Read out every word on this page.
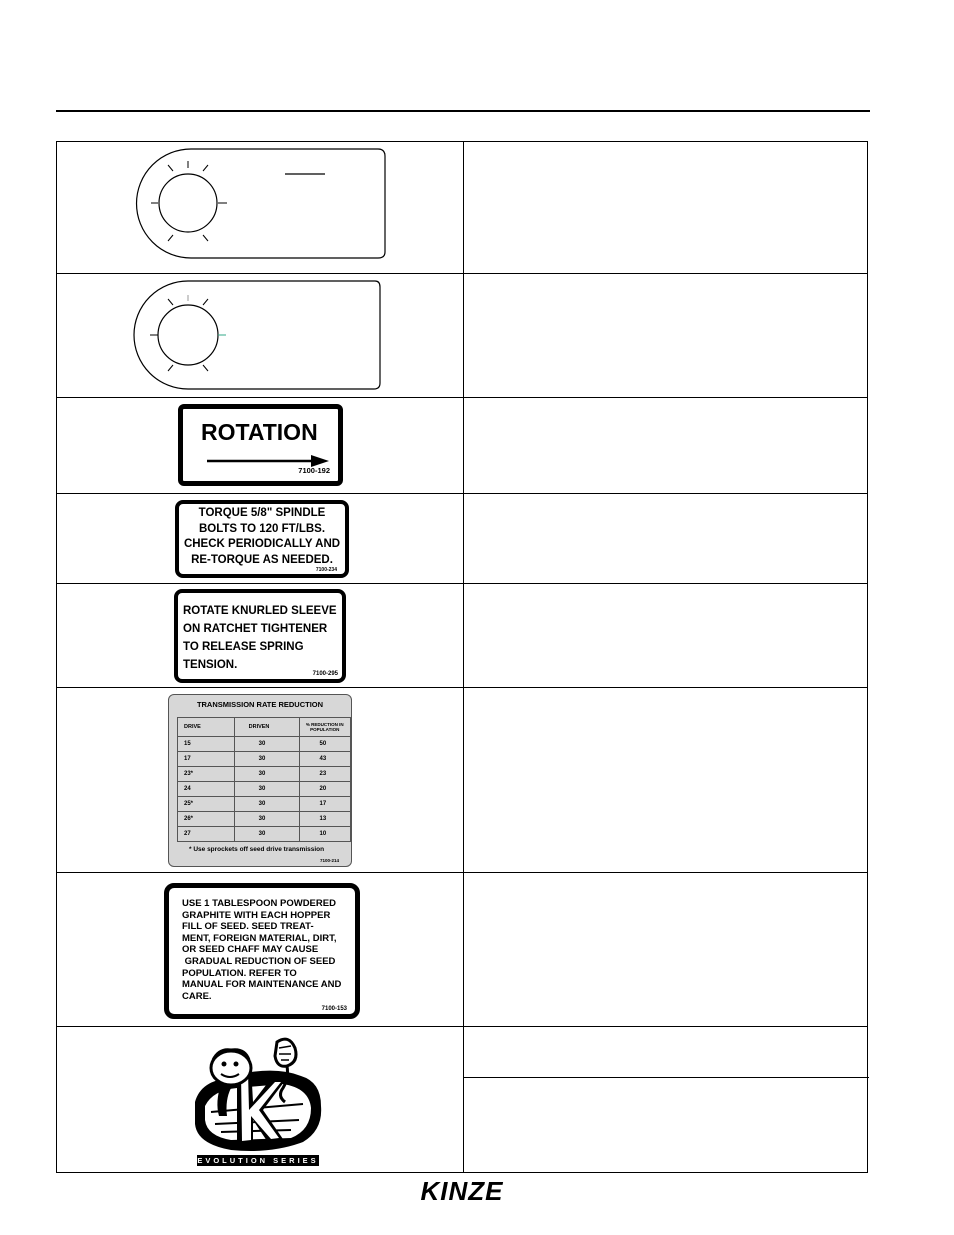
ROTATION
7100-192
TORQUE 5/8" SPINDLE
BOLTS TO 120 FT/LBS.
CHECK PERIODICALLY AND
RE-TORQUE AS NEEDED.
7100-234
ROTATE KNURLED SLEEVE
ON RATCHET TIGHTENER
TO RELEASE SPRING
TENSION.
7100-295
TRANSMISSION RATE REDUCTION
DRIVE	DRIVEN	% REDUCTION IN POPULATION
15	30	50
17	30	43
23*	30	23
24	30	20
25*	30	17
26*	30	13
27	30	10
* Use sprockets off seed drive transmission
7100-214
USE 1 TABLESPOON POWDERED
GRAPHITE WITH EACH HOPPER
FILL OF SEED. SEED TREAT-
MENT, FOREIGN MATERIAL, DIRT,
OR SEED CHAFF MAY CAUSE
GRADUAL REDUCTION OF SEED
POPULATION. REFER TO
MANUAL FOR MAINTENANCE AND
CARE.
7100-153
EVOLUTION SERIES
KINZE
